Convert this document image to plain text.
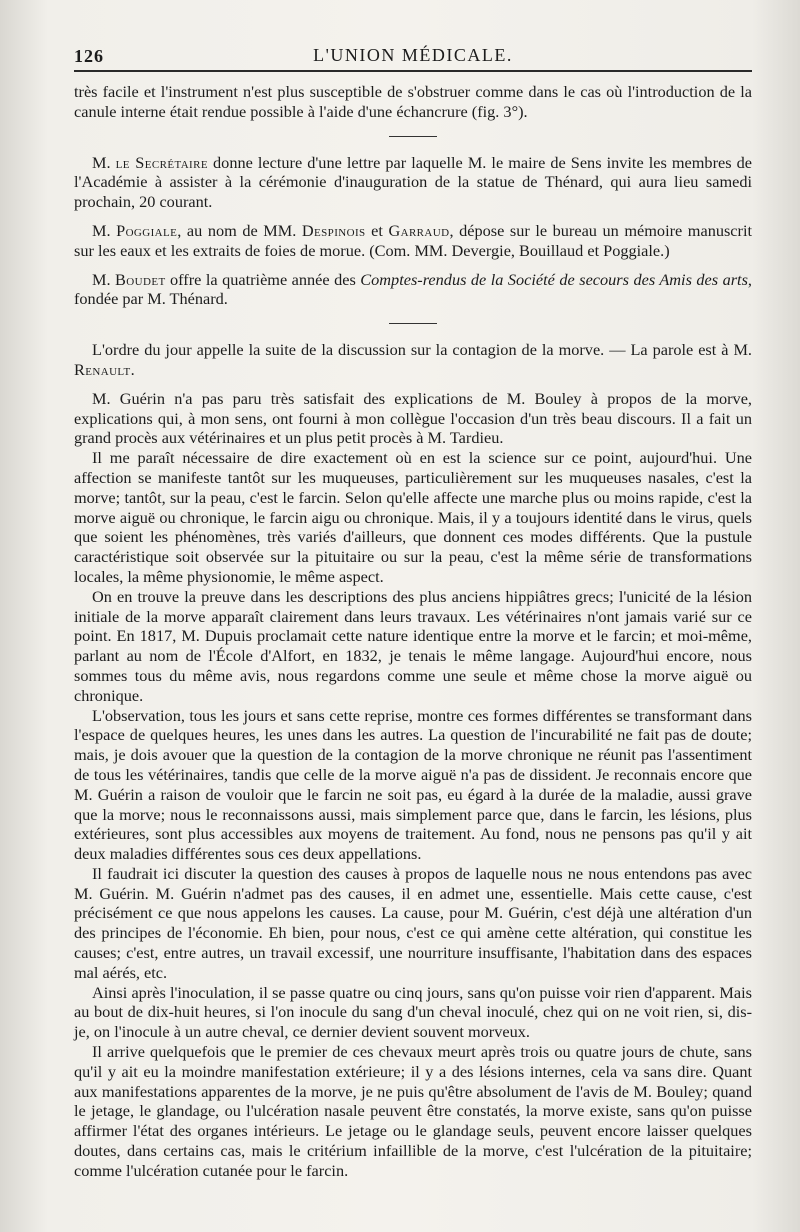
126	L'UNION MÉDICALE.

très facile et l'instrument n'est plus susceptible de s'obstruer comme dans le cas où l'introduction de la canule interne était rendue possible à l'aide d'une échancrure (fig. 3°).

M. le Secrétaire donne lecture d'une lettre par laquelle M. le maire de Sens invite les membres de l'Académie à assister à la cérémonie d'inauguration de la statue de Thénard, qui aura lieu samedi prochain, 20 courant.

M. Poggiale, au nom de MM. Despinois et Garraud, dépose sur le bureau un mémoire manuscrit sur les eaux et les extraits de foies de morue. (Com. MM. Devergie, Bouillaud et Poggiale.)

M. Boudet offre la quatrième année des Comptes-rendus de la Société de secours des Amis des arts, fondée par M. Thénard.

L'ordre du jour appelle la suite de la discussion sur la contagion de la morve. — La parole est à M. Renault.

M. Guérin n'a pas paru très satisfait des explications de M. Bouley à propos de la morve, explications qui, à mon sens, ont fourni à mon collègue l'occasion d'un très beau discours. Il a fait un grand procès aux vétérinaires et un plus petit procès à M. Tardieu.

Il me paraît nécessaire de dire exactement où en est la science sur ce point, aujourd'hui. Une affection se manifeste tantôt sur les muqueuses, particulièrement sur les muqueuses nasales, c'est la morve; tantôt, sur la peau, c'est le farcin. Selon qu'elle affecte une marche plus ou moins rapide, c'est la morve aiguë ou chronique, le farcin aigu ou chronique. Mais, il y a toujours identité dans le virus, quels que soient les phénomènes, très variés d'ailleurs, que donnent ces modes différents. Que la pustule caractéristique soit observée sur la pituitaire ou sur la peau, c'est la même série de transformations locales, la même physionomie, le même aspect.

On en trouve la preuve dans les descriptions des plus anciens hippiâtres grecs; l'unicité de la lésion initiale de la morve apparaît clairement dans leurs travaux. Les vétérinaires n'ont jamais varié sur ce point. En 1817, M. Dupuis proclamait cette nature identique entre la morve et le farcin; et moi-même, parlant au nom de l'École d'Alfort, en 1832, je tenais le même langage. Aujourd'hui encore, nous sommes tous du même avis, nous regardons comme une seule et même chose la morve aiguë ou chronique.

L'observation, tous les jours et sans cette reprise, montre ces formes différentes se transformant dans l'espace de quelques heures, les unes dans les autres. La question de l'incurabilité ne fait pas de doute; mais, je dois avouer que la question de la contagion de la morve chronique ne réunit pas l'assentiment de tous les vétérinaires, tandis que celle de la morve aiguë n'a pas de dissident. Je reconnais encore que M. Guérin a raison de vouloir que le farcin ne soit pas, eu égard à la durée de la maladie, aussi grave que la morve; nous le reconnaissons aussi, mais simplement parce que, dans le farcin, les lésions, plus extérieures, sont plus accessibles aux moyens de traitement. Au fond, nous ne pensons pas qu'il y ait deux maladies différentes sous ces deux appellations.

Il faudrait ici discuter la question des causes à propos de laquelle nous ne nous entendons pas avec M. Guérin. M. Guérin n'admet pas des causes, il en admet une, essentielle. Mais cette cause, c'est précisément ce que nous appelons les causes. La cause, pour M. Guérin, c'est déjà une altération d'un des principes de l'économie. Eh bien, pour nous, c'est ce qui amène cette altération, qui constitue les causes; c'est, entre autres, un travail excessif, une nourriture insuffisante, l'habitation dans des espaces mal aérés, etc.

Ainsi après l'inoculation, il se passe quatre ou cinq jours, sans qu'on puisse voir rien d'apparent. Mais au bout de dix-huit heures, si l'on inocule du sang d'un cheval inoculé, chez qui on ne voit rien, si, dis-je, on l'inocule à un autre cheval, ce dernier devient souvent morveux.

Il arrive quelquefois que le premier de ces chevaux meurt après trois ou quatre jours de chute, sans qu'il y ait eu la moindre manifestation extérieure; il y a des lésions internes, cela va sans dire. Quant aux manifestations apparentes de la morve, je ne puis qu'être absolument de l'avis de M. Bouley; quand le jetage, le glandage, ou l'ulcération nasale peuvent être constatés, la morve existe, sans qu'on puisse affirmer l'état des organes intérieurs. Le jetage ou le glandage seuls, peuvent encore laisser quelques doutes, dans certains cas, mais le critérium infaillible de la morve, c'est l'ulcération de la pituitaire; comme l'ulcération cutanée pour le farcin.
